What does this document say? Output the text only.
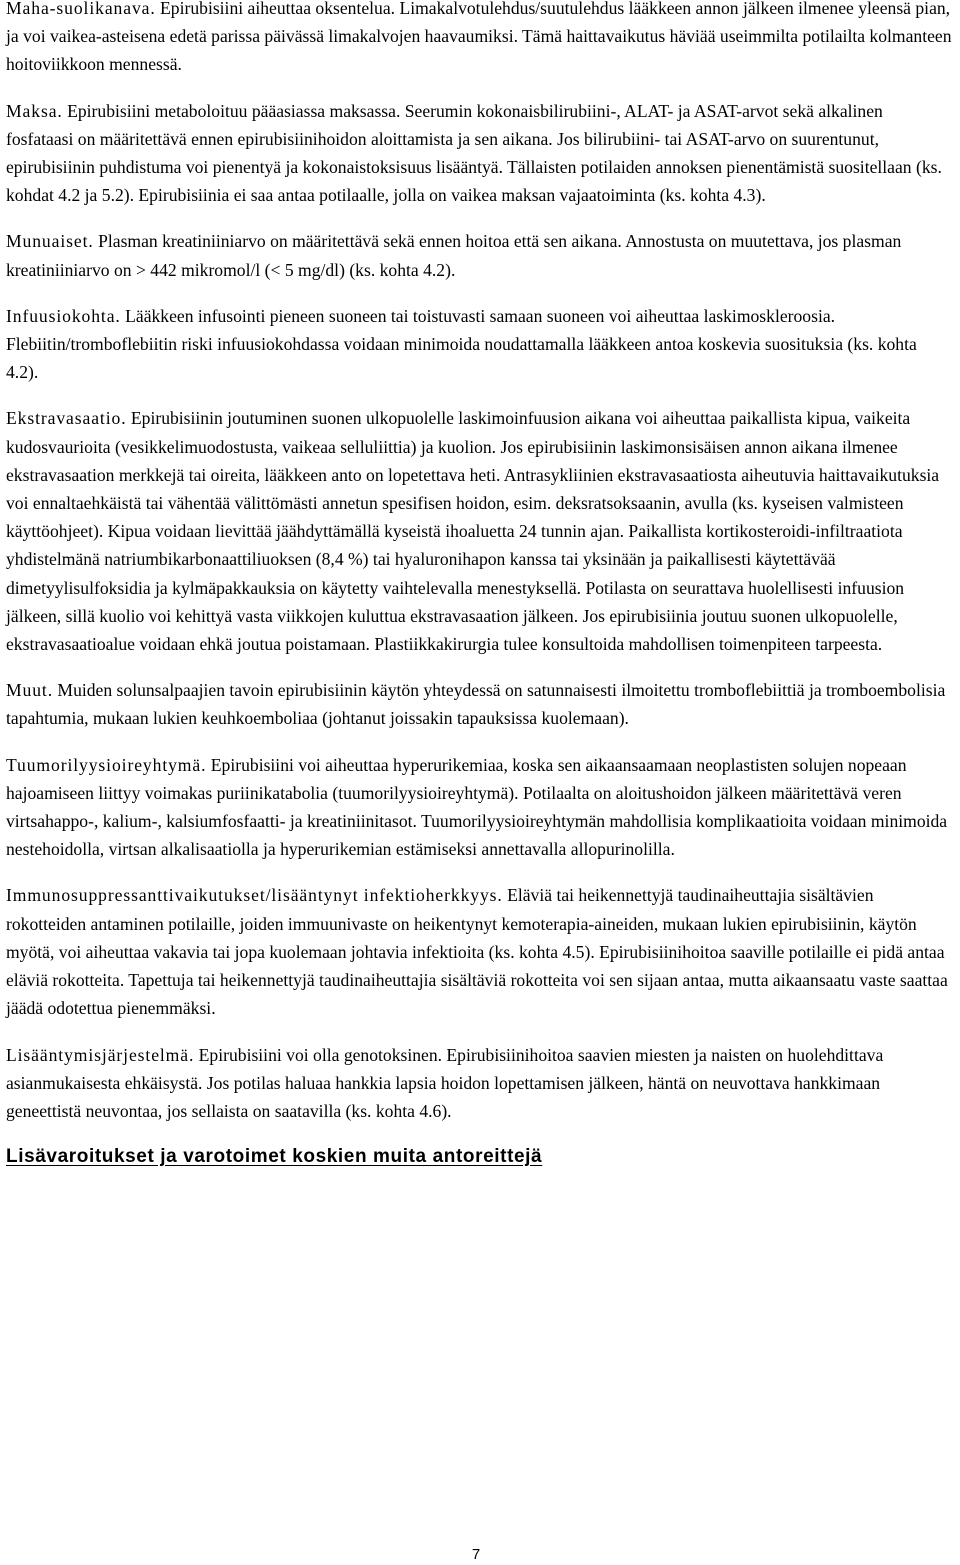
Maha-suolikanava. Epirubisiini aiheuttaa oksentelua. Limakalvotulehdus/suutulehdus lääkkeen annon jälkeen ilmenee yleensä pian, ja voi vaikea-asteisena edetä parissa päivässä limakalvojen haavaumiksi. Tämä haittavaikutus häviää useimmilta potilailta kolmanteen hoitoviikkoon mennessä.

Maksa. Epirubisiini metaboloituu pääasiassa maksassa. Seerumin kokonaisbilirubiini-, ALAT- ja ASAT-arvot sekä alkalinen fosfataasi on määritettävä ennen epirubisiinihoidon aloittamista ja sen aikana. Jos bilirubiini- tai ASAT-arvo on suurentunut, epirubisiinin puhdistuma voi pienentyä ja kokonaistoksisuus lisääntyä. Tällaisten potilaiden annoksen pienentämistä suositellaan (ks. kohdat 4.2 ja 5.2). Epirubisiinia ei saa antaa potilaalle, jolla on vaikea maksan vajaatoiminta (ks. kohta 4.3).

Munuaiset. Plasman kreatiniiniarvo on määritettävä sekä ennen hoitoa että sen aikana. Annostusta on muutettava, jos plasman kreatiniiniarvo on > 442 mikromol/l (< 5 mg/dl) (ks. kohta 4.2).

Infuusiokohta. Lääkkeen infusointi pieneen suoneen tai toistuvasti samaan suoneen voi aiheuttaa laskimoskleroosia. Flebiitin/tromboflebiitin riski infuusiokohdassa voidaan minimoida noudattamalla lääkkeen antoa koskevia suosituksia (ks. kohta 4.2).

Ekstravasaatio. Epirubisiinin joutuminen suonen ulkopuolelle laskimoinfuusion aikana voi aiheuttaa paikallista kipua, vaikeita kudosvaurioita (vesikkelimuodostusta, vaikeaa selluliittia) ja kuolion. Jos epirubisiinin laskimonsisäisen annon aikana ilmenee ekstravasaation merkkejä tai oireita, lääkkeen anto on lopetettava heti. Antrasykliinien ekstravasaatiosta aiheutuvia haittavaikutuksia voi ennaltaehkäistä tai vähentää välittömästi annetun spesifisen hoidon, esim. deksratsoksaanin, avulla (ks. kyseisen valmisteen käyttöohjeet). Kipua voidaan lievittää jäähdyttämällä kyseistä ihoaluetta 24 tunnin ajan. Paikallista kortikosteroidi-infiltraatiota yhdistelmänä natriumbikarbonaattiliuoksen (8,4 %) tai hyaluronihapon kanssa tai yksinään ja paikallisesti käytettävää dimetyylisulfoksidia ja kylmäpakkauksia on käytetty vaihtelevalla menestyksellä. Potilasta on seurattava huolellisesti infuusion jälkeen, sillä kuolio voi kehittyä vasta viikkojen kuluttua ekstravasaation jälkeen. Jos epirubisiinia joutuu suonen ulkopuolelle, ekstravasaatioalue voidaan ehkä joutua poistamaan. Plastiikkakirurgia tulee konsultoida mahdollisen toimenpiteen tarpeesta.

Muut. Muiden solunsalpaajien tavoin epirubisiinin käytön yhteydessä on satunnaisesti ilmoitettu tromboflebiittiä ja tromboembolisia tapahtumia, mukaan lukien keuhkoemboliaa (johtanut joissakin tapauksissa kuolemaan).

Tuumorilyysioireyhtymä. Epirubisiini voi aiheuttaa hyperurikemiaa, koska sen aikaansaamaan neoplastisten solujen nopeaan hajoamiseen liittyy voimakas puriinikatabolia (tuumorilyysioireyhtymä). Potilaalta on aloitushoidon jälkeen määritettävä veren virtsahappo-, kalium-, kalsiumfosfaatti- ja kreatiniinitasot. Tuumorilyysioireyhtymän mahdollisia komplikaatioita voidaan minimoida nestehoidolla, virtsan alkalisaatiolla ja hyperurikemian estämiseksi annettavalla allopurinolilla.

Immunosuppressanttivaikutukset/lisääntynyt infektioherkkyys. Eläviä tai heikennettyjä taudinaiheuttajia sisältävien rokotteiden antaminen potilaille, joiden immuunivaste on heikentynyt kemoterapia-aineiden, mukaan lukien epirubisiinin, käytön myötä, voi aiheuttaa vakavia tai jopa kuolemaan johtavia infektioita (ks. kohta 4.5). Epirubisiinihoitoa saaville potilaille ei pidä antaa eläviä rokotteita. Tapettuja tai heikennettyjä taudinaiheuttajia sisältäviä rokotteita voi sen sijaan antaa, mutta aikaansaatu vaste saattaa jäädä odotettua pienemmäksi.

Lisääntymisjärjestelmä. Epirubisiini voi olla genotoksinen. Epirubisiinihoitoa saavien miesten ja naisten on huolehdittava asianmukaisesta ehkäisystä. Jos potilas haluaa hankkia lapsia hoidon lopettamisen jälkeen, häntä on neuvottava hankkimaan geneettistä neuvontaa, jos sellaista on saatavilla (ks. kohta 4.6).

Lisävaroitukset ja varotoimet koskien muita antoreittejä
7
